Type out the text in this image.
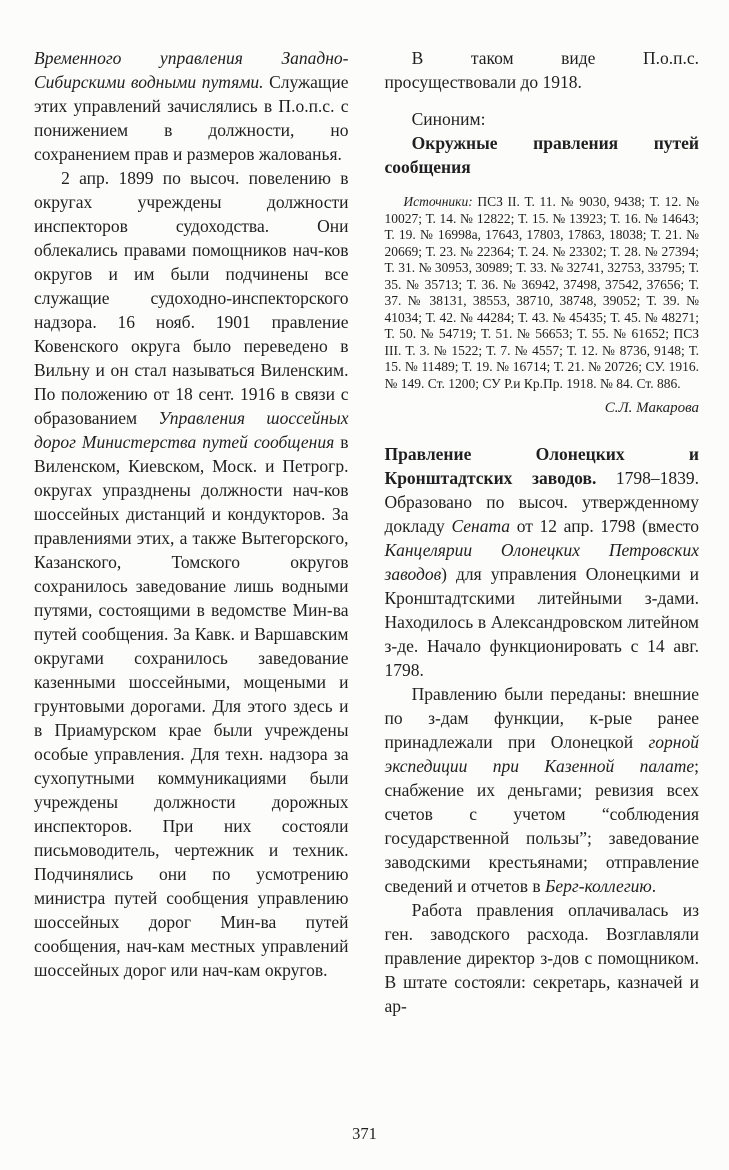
Временного управления Западно-Сибирскими водными путями. Служащие этих управлений зачислялись в П.о.п.с. с понижением в должности, но сохранением прав и размеров жалованья.

2 апр. 1899 по высоч. повелению в округах учреждены должности инспекторов судоходства. Они облекались правами помощников нач-ков округов и им были подчинены все служащие судоходно-инспекторского надзора. 16 нояб. 1901 правление Ковенского округа было переведено в Вильну и он стал называться Виленским. По положению от 18 сент. 1916 в связи с образованием Управления шоссейных дорог Министерства путей сообщения в Виленском, Киевском, Моск. и Петрогр. округах упразднены должности нач-ков шоссейных дистанций и кондукторов. За правлениями этих, а также Вытегорского, Казанского, Томского округов сохранилось заведование лишь водными путями, состоящими в ведомстве Мин-ва путей сообщения. За Кавк. и Варшавским округами сохранилось заведование казенными шоссейными, мощеными и грунтовыми дорогами. Для этого здесь и в Приамурском крае были учреждены особые управления. Для техн. надзора за сухопутными коммуникациями были учреждены должности дорожных инспекторов. При них состояли письмоводитель, чертежник и техник. Подчинялись они по усмотрению министра путей сообщения управлению шоссейных дорог Мин-ва путей сообщения, нач-кам местных управлений шоссейных дорог или нач-кам округов.

В таком виде П.о.п.с. просуществовали до 1918.

Синоним:

Окружные правления путей сообщения

Источники: ПСЗ II. Т. 11. № 9030, 9438; Т. 12. № 10027; Т. 14. № 12822; Т. 15. № 13923; Т. 16. № 14643; Т. 19. № 16998а, 17643, 17803, 17863, 18038; Т. 21. № 20669; Т. 23. № 22364; Т. 24. № 23302; Т. 28. № 27394; Т. 31. № 30953, 30989; Т. 33. № 32741, 32753, 33795; Т. 35. № 35713; Т. 36. № 36942, 37498, 37542, 37656; Т. 37. № 38131, 38553, 38710, 38748, 39052; Т. 39. № 41034; Т. 42. № 44284; Т. 43. № 45435; Т. 45. № 48271; Т. 50. № 54719; Т. 51. № 56653; Т. 55. № 61652; ПСЗ III. Т. 3. № 1522; Т. 7. № 4557; Т. 12. № 8736, 9148; Т. 15. № 11489; Т. 19. № 16714; Т. 21. № 20726; СУ. 1916. № 149. Ст. 1200; СУ Р.и Кр.Пр. 1918. № 84. Ст. 886.

С.Л. Макарова

Правление Олонецких и Кронштадтских заводов. 1798–1839. Образовано по высоч. утвержденному докладу Сената от 12 апр. 1798 (вместо Канцелярии Олонецких Петровских заводов) для управления Олонецкими и Кронштадтскими литейными з-дами. Находилось в Александровском литейном з-де. Начало функционировать с 14 авг. 1798.

Правлению были переданы: внешние по з-дам функции, к-рые ранее принадлежали при Олонецкой горной экспедиции при Казенной палате; снабжение их деньгами; ревизия всех счетов с учетом “соблюдения государственной пользы”; заведование заводскими крестьянами; отправление сведений и отчетов в Берг-коллегию.

Работа правления оплачивалась из ген. заводского расхода. Возглавляли правление директор з-дов с помощником. В штате состояли: секретарь, казначей и ар-

371
